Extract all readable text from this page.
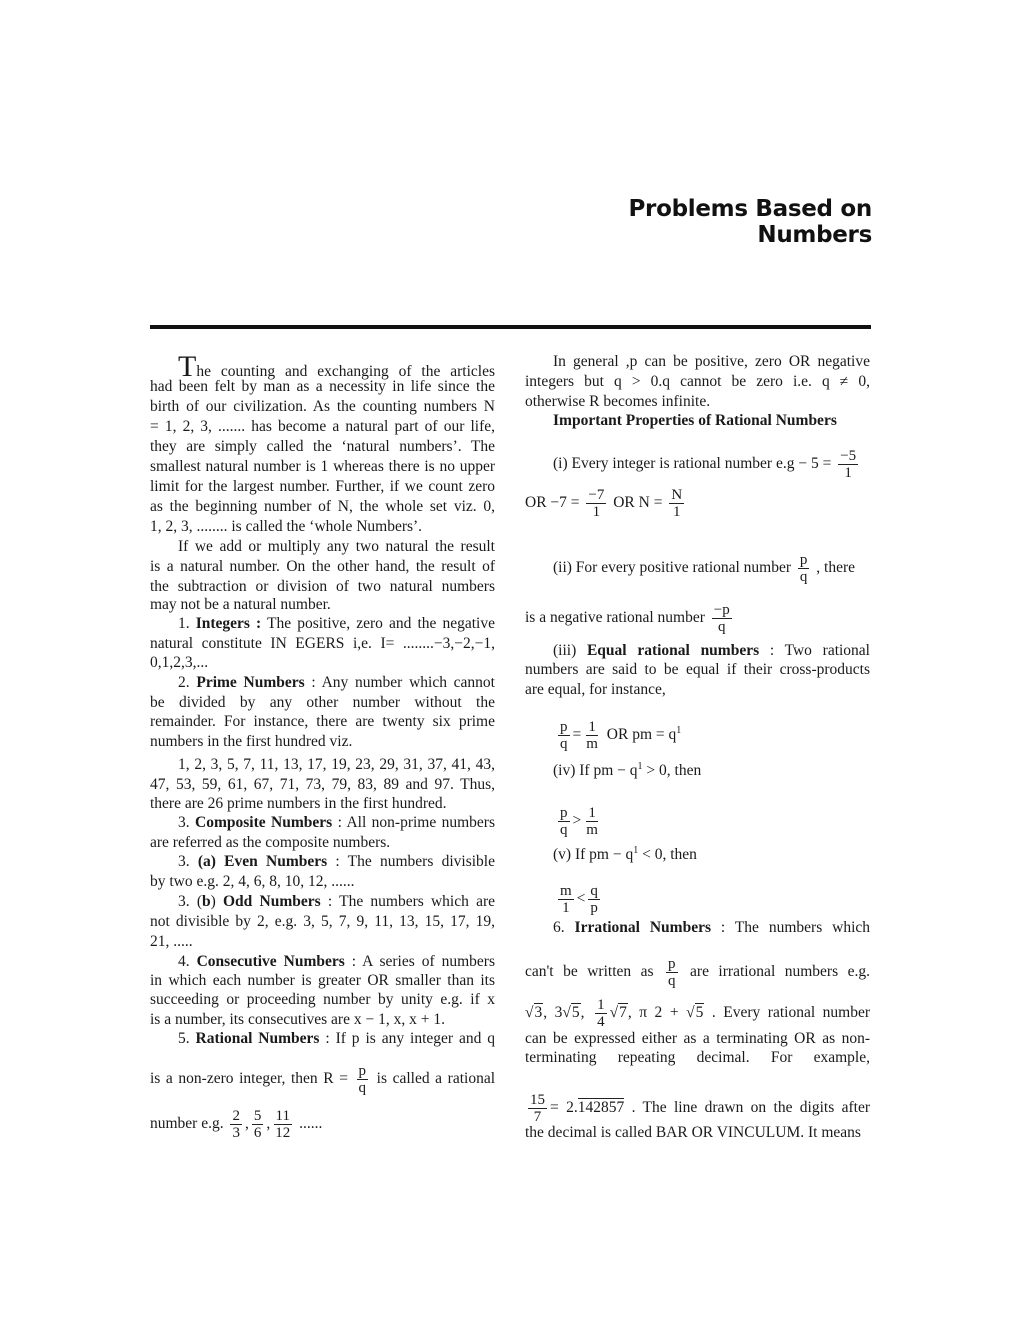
Problems Based on Numbers
The counting and exchanging of the articles
had been felt by man as a necessity in life since the
birth of our civilization. As the counting numbers N
= 1, 2, 3, ....... has become a natural part of our life,
they are simply called the ‘natural numbers’. The
smallest natural number is 1 whereas there is no upper
limit for the largest number. Further, if we count zero
as the beginning number of N, the whole set viz. 0,
1, 2, 3, ........ is called the ‘whole Numbers’.
If we add or multiply any two natural the result
is a natural number. On the other hand, the result of
the subtraction or division of two natural numbers
may not be a natural number.
1. Integers : The positive, zero and the negative
natural constitute IN EGERS i,e. I= ........−3,−2,−1,
0,1,2,3,...
2. Prime Numbers : Any number which cannot
be divided by any other number without the
remainder. For instance, there are twenty six prime
numbers in the first hundred viz.
1, 2, 3, 5, 7, 11, 13, 17, 19, 23, 29, 31, 37, 41, 43,
47, 53, 59, 61, 67, 71, 73, 79, 83, 89 and 97. Thus,
there are 26 prime numbers in the first hundred.
3. Composite Numbers : All non-prime numbers
are referred as the composite numbers.
3. (a) Even Numbers : The numbers divisible
by two e.g. 2, 4, 6, 8, 10, 12, ......
3. (b) Odd Numbers : The numbers which are
not divisible by 2, e.g. 3, 5, 7, 9, 11, 13, 15, 17, 19,
21, .....
4. Consecutive Numbers : A series of numbers
in which each number is greater OR smaller than its
succeeding or proceeding number by unity e.g. if x
is a number, its consecutives are x − 1, x, x + 1.
5. Rational Numbers : If p is any integer and q
is a non-zero integer, then $R = \frac{p}{q}$ is called a rational
number e.g. $\frac{2}{3}$ , $\frac{5}{6}$ , $\frac{11}{12}$ ......
In general ,p can be positive, zero OR negative
integers but q > 0.q cannot be zero i.e. q ≠ 0,
otherwise R becomes infinite.
Important Properties of Rational Numbers
(i) Every integer is rational number $e.g - 5 = \frac{-5}{1}$
OR $-7 = \frac{-7}{1}$ OR $N = \frac{N}{1}$
(ii) For every positive rational number $\frac{p}{q}$ , there
is a negative rational number $\frac{-p}{q}$
(iii) Equal rational numbers : Two rational
numbers are said to be equal if their cross-products
are equal, for instance,
$\frac{p}{q} = \frac{1}{m}$ OR pm = $q^1$
(iv) If pm − $q^1 > 0$, then
$\frac{p}{q} > \frac{1}{m}$
(v) If pm − $q^1 < 0$, then
$\frac{m}{1} < \frac{q}{p}$
6. Irrational Numbers : The numbers which
can't be written as $\frac{p}{q}$ are irrational numbers e.g.
√3, 3√5, $\frac{1}{4} √7$, π 2 + √5 . Every rational number
can be expressed either as a terminating OR as non-
terminating repeating decimal. For example,
$\frac{15}{7} = 2.142857$ . The line drawn on the digits after
the decimal is called BAR OR VINCULUM. It means
